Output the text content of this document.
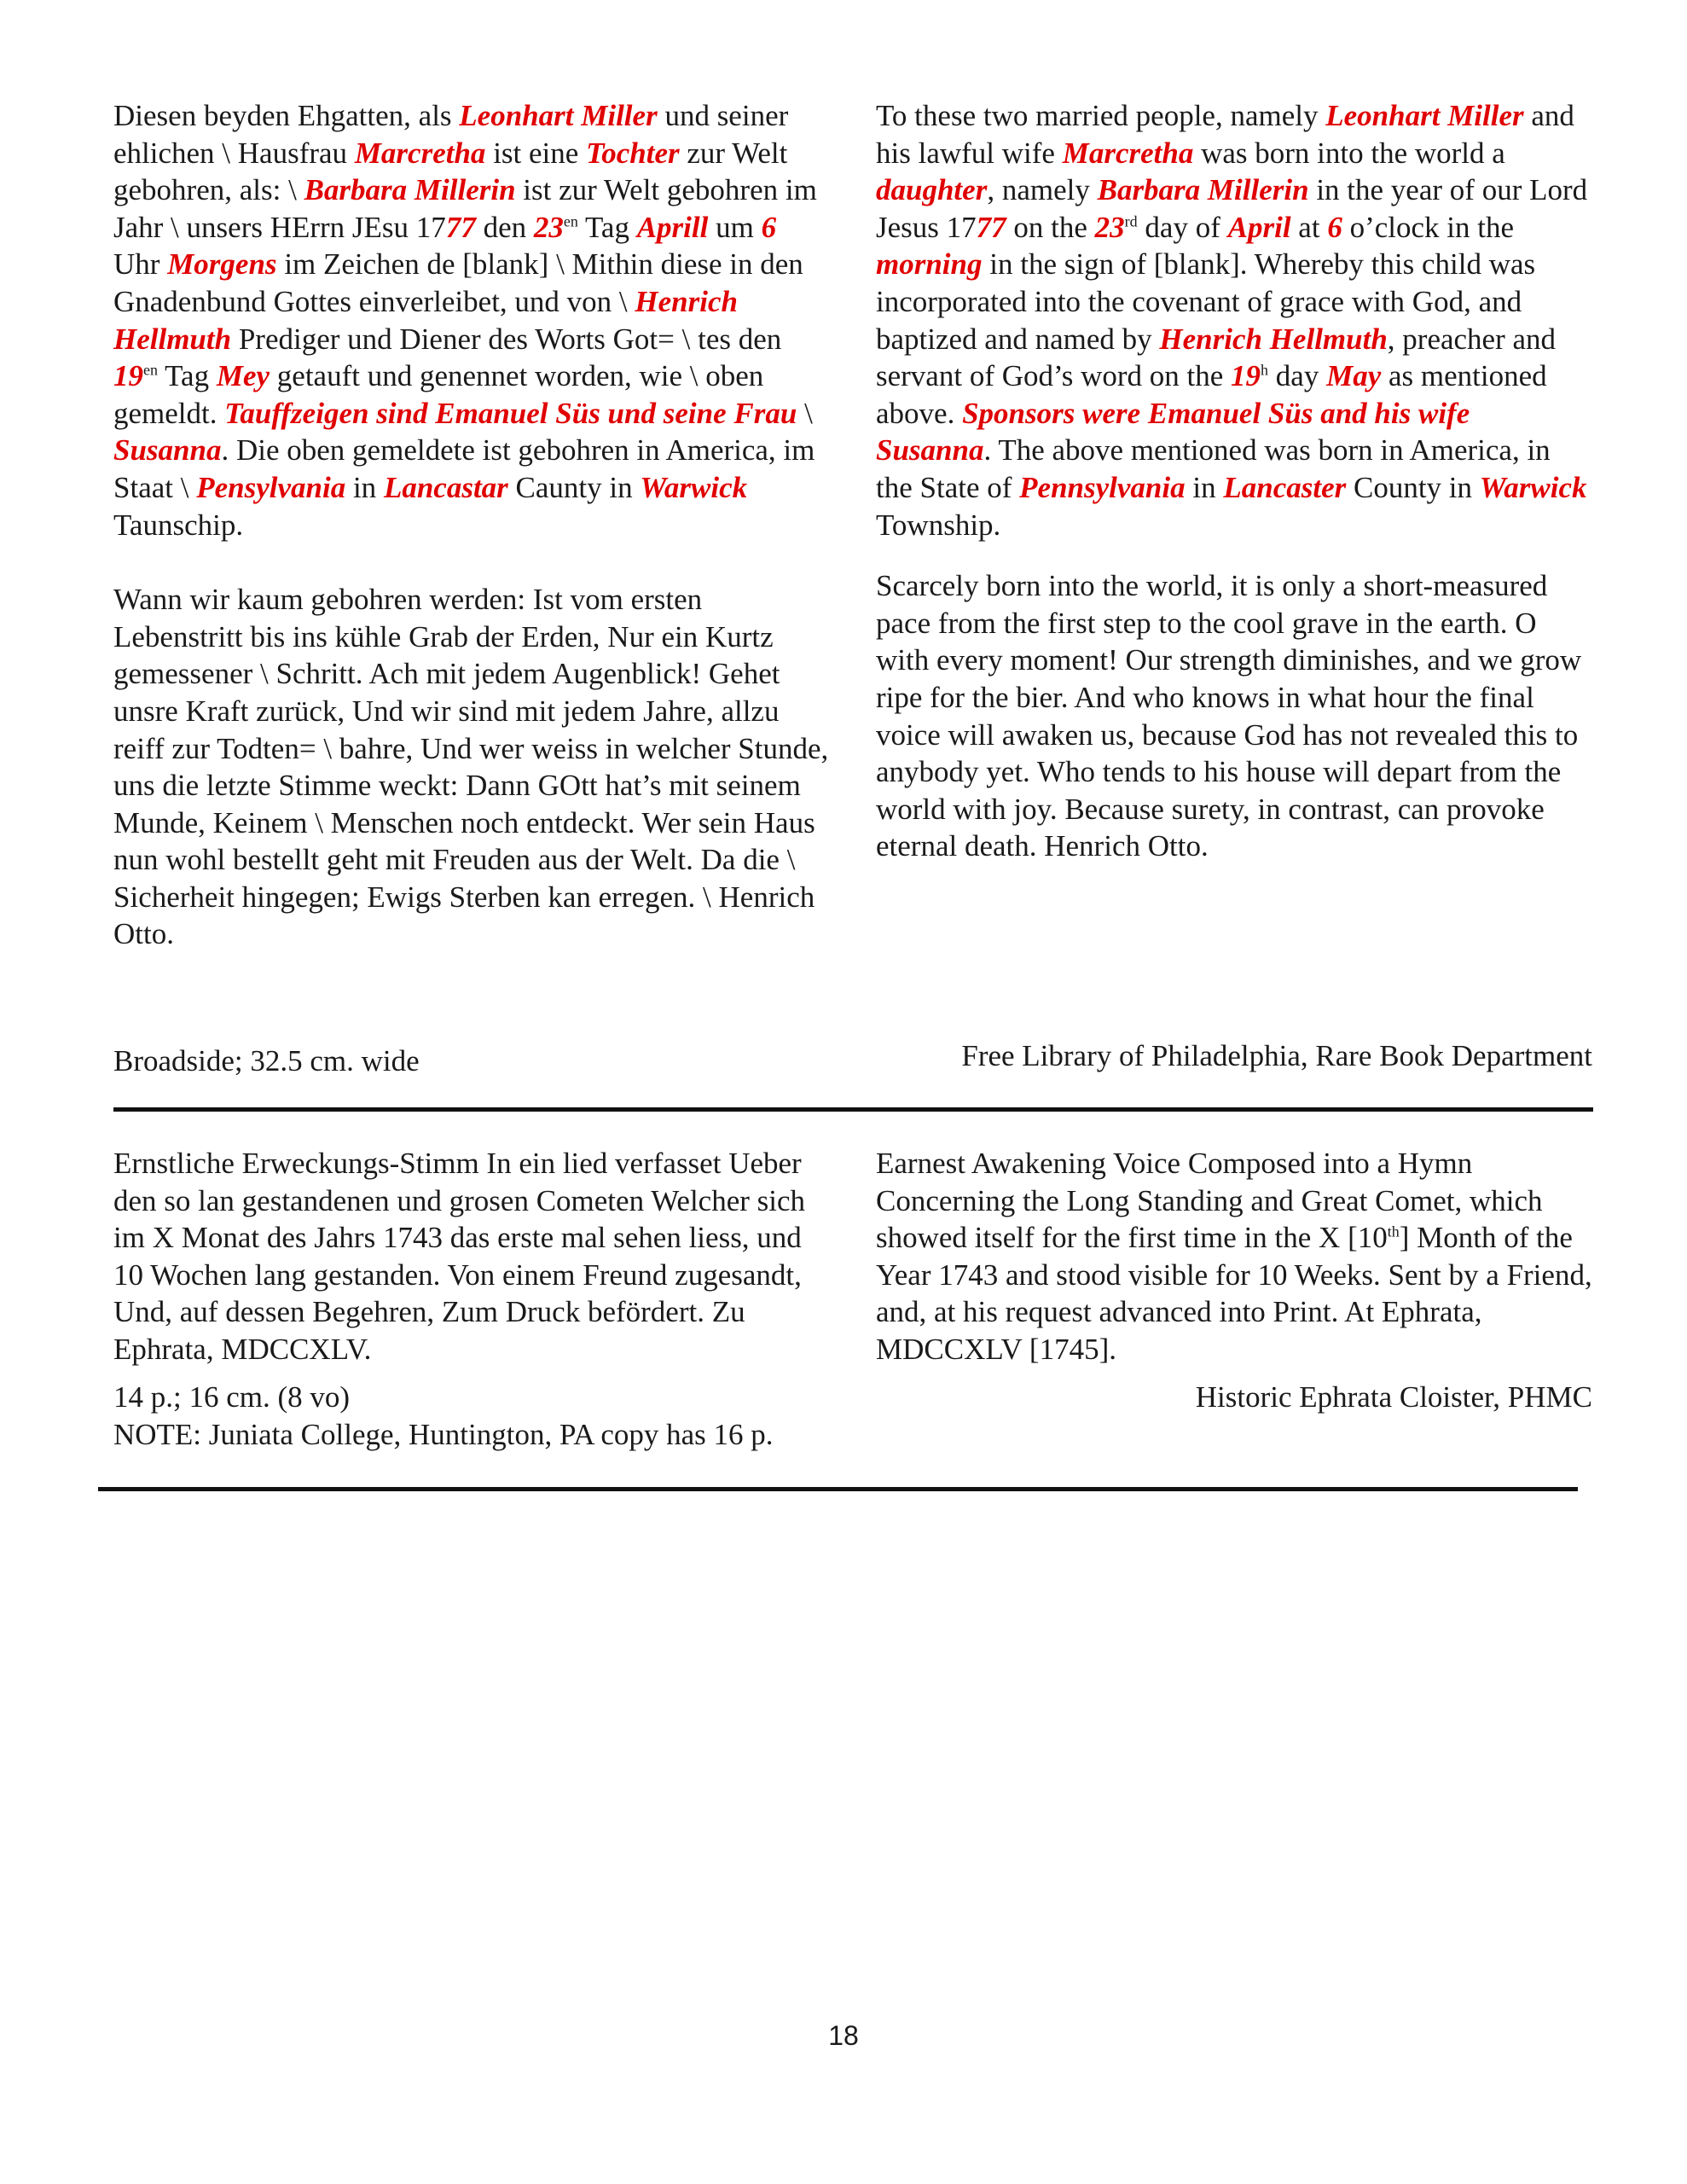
Diesen beyden Ehgatten, als Leonhart Miller und seiner ehlichen \ Hausfrau Marcretha ist eine Tochter zur Welt gebohren, als: \ Barbara Millerin ist zur Welt gebohren im Jahr \ unsers HErrn JEsu 1777 den $23^{en}$ Tag Aprill um 6 Uhr Morgens im Zeichen de [blank] \ Mithin diese in den Gnadenbund Gottes einverleibet, und von \ Henrich Hellmuth Prediger und Diener des Worts Got= \ tes den $19^{en}$ Tag Mey getauft und genennet worden, wie \ oben gemeldt. Tauffzeigen sind Emanuel Süs und seine Frau \ Susanna. Die oben gemeldete ist gebohren in America, im Staat \ Pensylvania in Lancastar Caunty in Warwick Taunschip.

Wann wir kaum gebohren werden: Ist vom ersten Lebenstritt bis ins kühle Grab der Erden, Nur ein Kurtz gemessener \ Schritt. Ach mit jedem Augenblick! Gehet unsre Kraft zurück, Und wir sind mit jedem Jahre, allzu reiff zur Todten= \ bahre, Und wer weiss in welcher Stunde, uns die letzte Stimme weckt: Dann GOtt hat’s mit seinem Munde, Keinem \ Menschen noch entdeckt. Wer sein Haus nun wohl bestellt geht mit Freuden aus der Welt. Da die \ Sicherheit hingegen; Ewigs Sterben kan erregen. \ Henrich Otto.

To these two married people, namely Leonhart Miller and his lawful wife Marcretha was born into the world a daughter, namely Barbara Millerin in the year of our Lord Jesus 1777 on the 23rd day of April at 6 o’clock in the morning in the sign of [blank]. Whereby this child was incorporated into the covenant of grace with God, and baptized and named by Henrich Hellmuth, preacher and servant of God’s word on the 19$^h$ day May as mentioned above. Sponsors were Emanuel Süs and his wife Susanna. The above mentioned was born in America, in the State of Pennsylvania in Lancaster County in Warwick Township.

Scarcely born into the world, it is only a short-measured pace from the first step to the cool grave in the earth. O with every moment! Our strength diminishes, and we grow ripe for the bier. And who knows in what hour the final voice will awaken us, because God has not revealed this to anybody yet. Who tends to his house will depart from the world with joy. Because surety, in contrast, can provoke eternal death. Henrich Otto.

Broadside; 32.5 cm. wide	Free Library of Philadelphia, Rare Book Department
Ernstliche Erweckungs-Stimm In ein lied verfasset Ueber den so lan gestandenen und grosen Cometen Welcher sich im X Monat des Jahrs 1743 das erste mal sehen liess, und 10 Wochen lang gestanden. Von einem Freund zugesandt, Und, auf dessen Begehren, Zum Druck befördert. Zu Ephrata, MDCCXLV.
Earnest Awakening Voice Composed into a Hymn Concerning the Long Standing and Great Comet, which showed itself for the first time in the X [10th] Month of the Year 1743 and stood visible for 10 Weeks. Sent by a Friend, and, at his request advanced into Print. At Ephrata, MDCCXLV [1745].
14 p.; 16 cm. (8 vo)
NOTE: Juniata College, Huntington, PA copy has 16 p.
Historic Ephrata Cloister, PHMC
18
